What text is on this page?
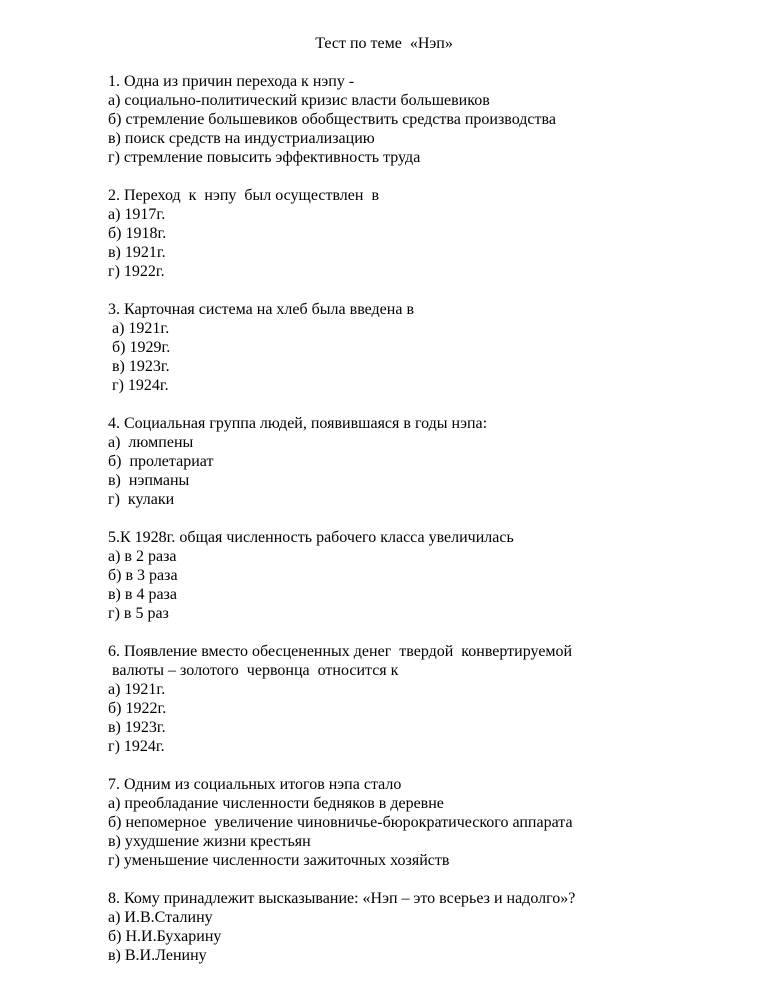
Тест по теме  «Нэп»
1. Одна из причин перехода к нэпу -
а) социально-политический кризис власти большевиков
б) стремление большевиков обобществить средства производства
в) поиск средств на индустриализацию
г) стремление повысить эффективность труда
2. Переход  к  нэпу  был осуществлен  в
а) 1917г.
б) 1918г.
в) 1921г.
г) 1922г.
3. Карточная система на хлеб была введена в
а) 1921г.
б) 1929г.
в) 1923г.
г) 1924г.
4. Социальная группа людей, появившаяся в годы нэпа:
а)  люмпены
б)  пролетариат
в)  нэпманы
г)  кулаки
5.К 1928г. общая численность рабочего класса увеличилась
а) в 2 раза
б) в 3 раза
в) в 4 раза
г) в 5 раз
6. Появление вместо обесцененных денег  твердой  конвертируемой
валюты – золотого  червонца  относится к
а) 1921г.
б) 1922г.
в) 1923г.
г) 1924г.
7. Одним из социальных итогов нэпа стало
а) преобладание численности бедняков в деревне
б) непомерное  увеличение чиновничье-бюрократического аппарата
в) ухудшение жизни крестьян
г) уменьшение численности зажиточных хозяйств
8. Кому принадлежит высказывание: «Нэп – это всерьез и надолго»?
а) И.В.Сталину
б) Н.И.Бухарину
в) В.И.Ленину
